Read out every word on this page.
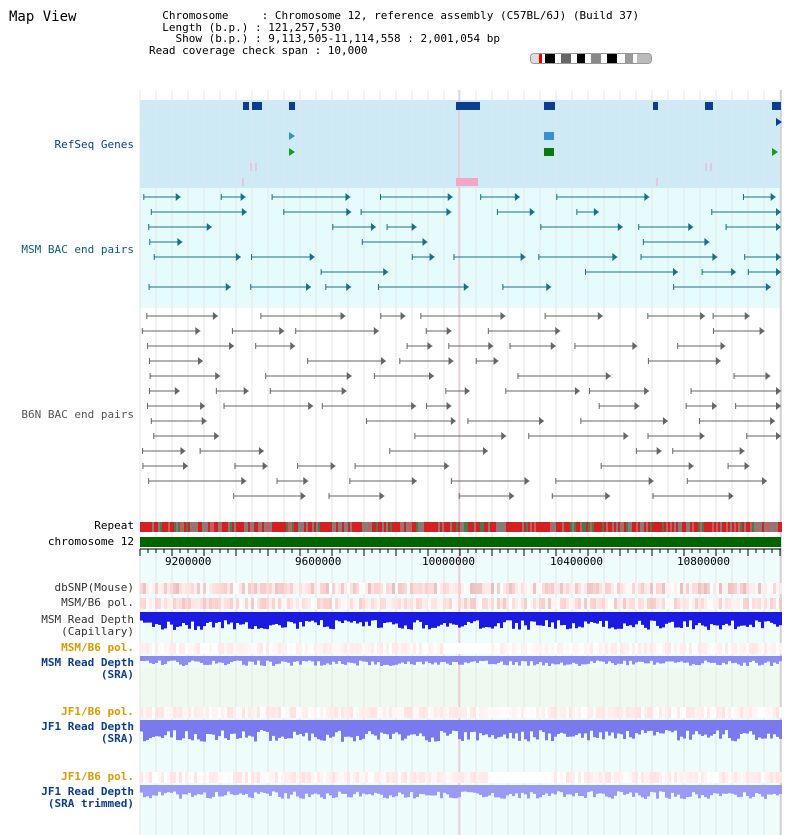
Map View	Chromosome     : Chromosome 12, reference assembly (C57BL/6J) (Build 37)
Length (b.p.) : 121,257,530
Show (b.p.) : 9,113,505-11,114,558 : 2,001,054 bp
Read coverage check span : 10,000
RefSeq Genes
MSM BAC end pairs
B6N BAC end pairs
Repeat
chromosome 12
dbSNP(Mouse)
MSM/B6 pol.
MSM Read Depth
(Capillary)
MSM/B6 pol.
MSM Read Depth
(SRA)
JF1/B6 pol.
JF1 Read Depth
(SRA)
JF1/B6 pol.
JF1 Read Depth
(SRA trimmed)
9200000	9600000	10000000	10400000	10800000
